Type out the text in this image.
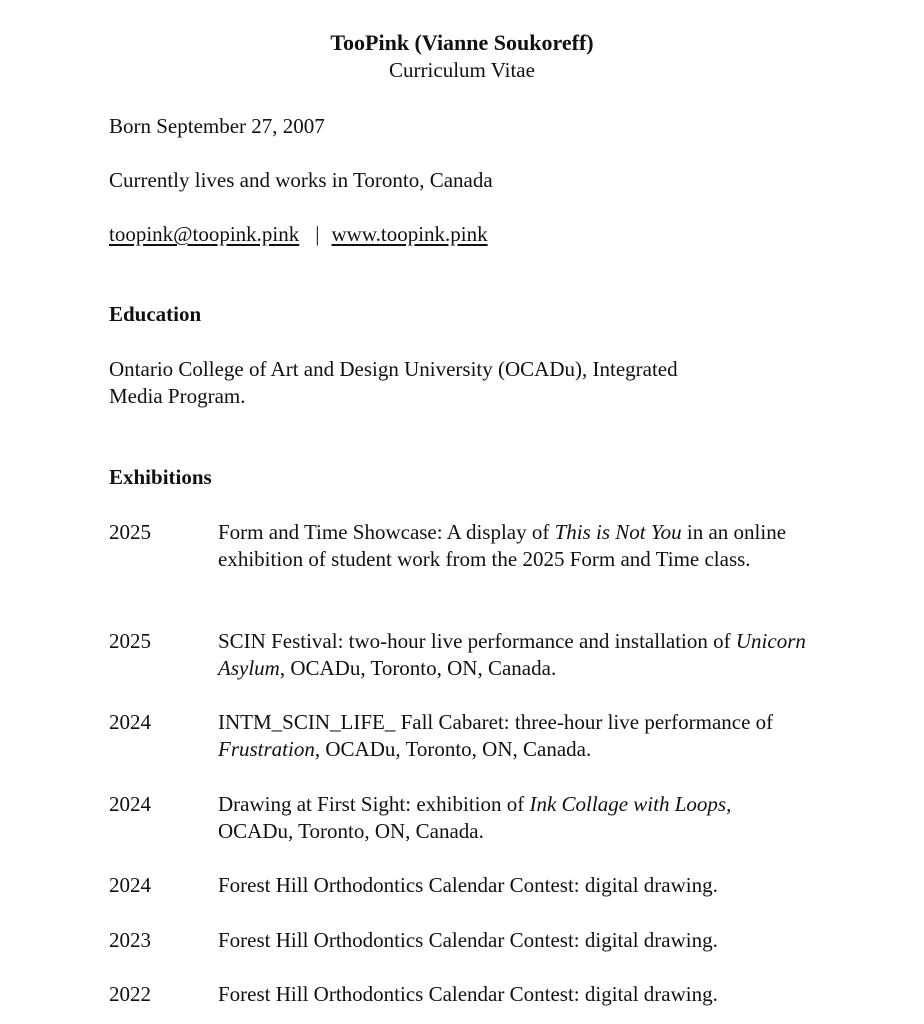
TooPink (Vianne Soukoreff)

Curriculum Vitae

Born September 27, 2007

Currently lives and works in Toronto, Canada

toopink@toopink.pink | www.toopink.pink

Education

Ontario College of Art and Design University (OCADu), Integrated

Media Program.

Exhibitions

2025	Form and Time Showcase: A display of This is Not You in an online exhibition of student work from the 2025 Form and Time class.
2025	SCIN Festival: two-hour live performance and installation of Unicorn Asylum, OCADu, Toronto, ON, Canada.
2024	INTM_SCIN_LIFE_ Fall Cabaret: three-hour live performance of Frustration, OCADu, Toronto, ON, Canada.
2024	Drawing at First Sight: exhibition of Ink Collage with Loops, OCADu, Toronto, ON, Canada.
2024	Forest Hill Orthodontics Calendar Contest: digital drawing.
2023	Forest Hill Orthodontics Calendar Contest: digital drawing.
2022	Forest Hill Orthodontics Calendar Contest: digital drawing.
